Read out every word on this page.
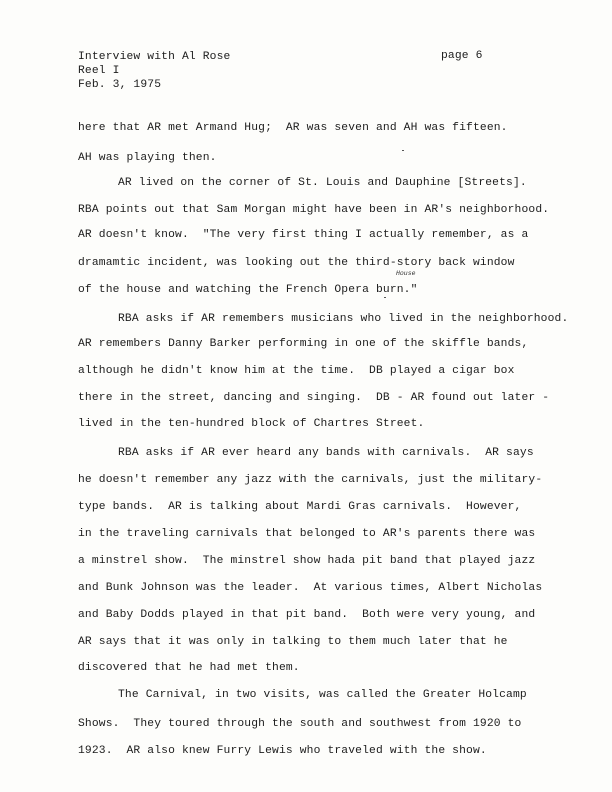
Interview with Al Rose
Reel I
Feb. 3, 1975
page 6
here that AR met Armand Hug;  AR was seven and AH was fifteen.
AH was playing then.
AR lived on the corner of St. Louis and Dauphine [Streets].
RBA points out that Sam Morgan might have been in AR's neighborhood.
AR doesn't know.  "The very first thing I actually remember, as a
dramamtic incident, was looking out the third-story back window
of the house and watching the French Opera burn."
House
RBA asks if AR remembers musicians who lived in the neighborhood.
AR remembers Danny Barker performing in one of the skiffle bands,
although he didn't know him at the time.  DB played a cigar box
there in the street, dancing and singing.  DB - AR found out later -
lived in the ten-hundred block of Chartres Street.
RBA asks if AR ever heard any bands with carnivals.  AR says
he doesn't remember any jazz with the carnivals, just the military-
type bands.  AR is talking about Mardi Gras carnivals.  However,
in the traveling carnivals that belonged to AR's parents there was
a minstrel show.  The minstrel show hada pit band that played jazz
and Bunk Johnson was the leader.  At various times, Albert Nicholas
and Baby Dodds played in that pit band.  Both were very young, and
AR says that it was only in talking to them much later that he
discovered that he had met them.
The Carnival, in two visits, was called the Greater Holcamp
Shows.  They toured through the south and southwest from 1920 to
1923.  AR also knew Furry Lewis who traveled with the show.
